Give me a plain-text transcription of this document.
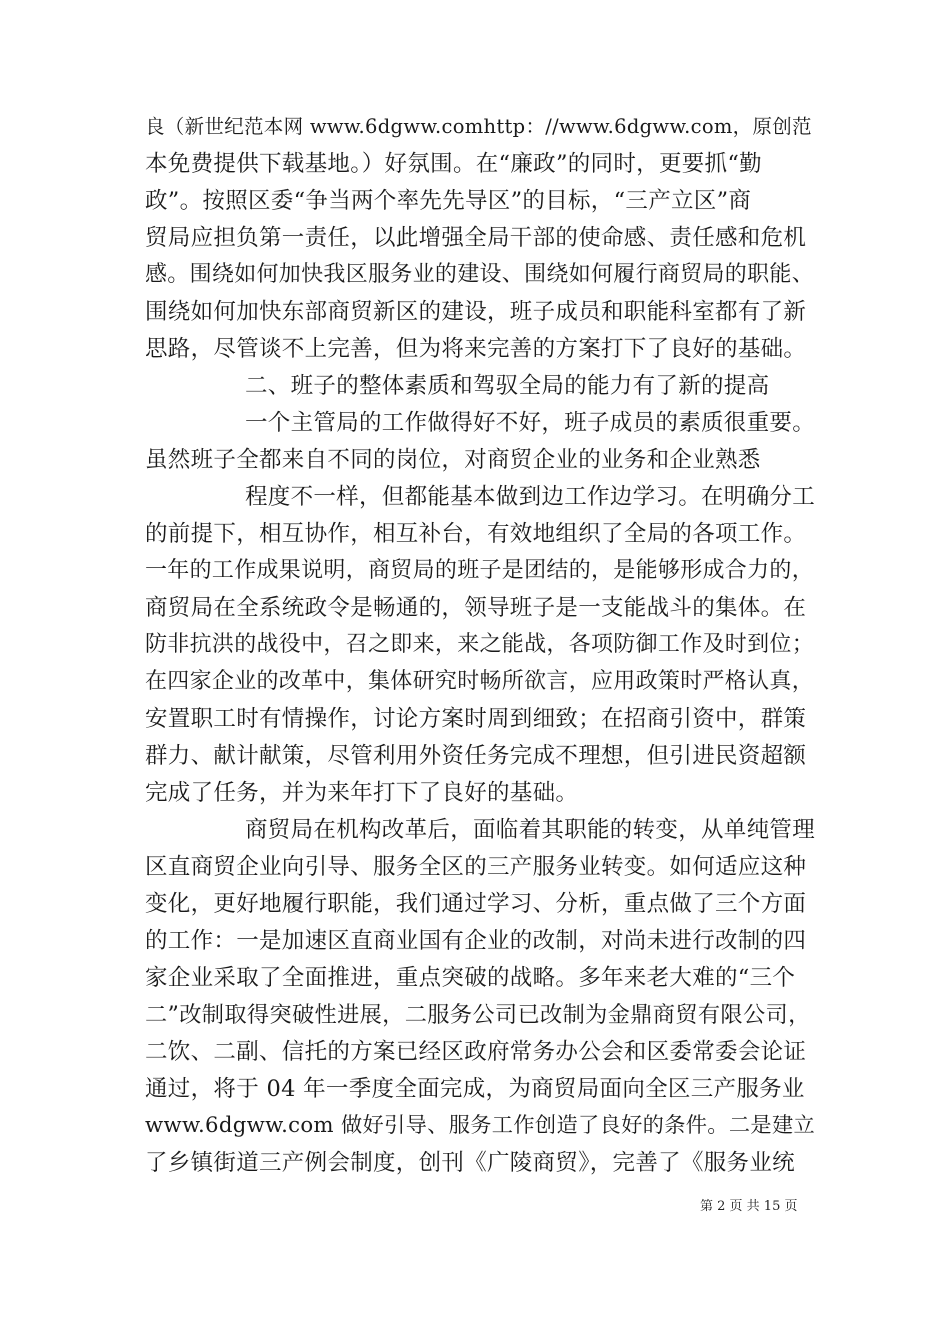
良（新世纪范本网 www.6dgww.comhttp：//www.6dgww.com，原创范
本免费提供下载基地。）好氛围。在“廉政”的同时，更要抓“勤
政”。按照区委“争当两个率先先导区”的目标，“三产立区”商
贸局应担负第一责任，以此增强全局干部的使命感、责任感和危机
感。围绕如何加快我区服务业的建设、围绕如何履行商贸局的职能、
围绕如何加快东部商贸新区的建设，班子成员和职能科室都有了新
思路，尽管谈不上完善，但为将来完善的方案打下了良好的基础。
二、班子的整体素质和驾驭全局的能力有了新的提高
一个主管局的工作做得好不好，班子成员的素质很重要。
虽然班子全都来自不同的岗位，对商贸企业的业务和企业熟悉
程度不一样，但都能基本做到边工作边学习。在明确分工
的前提下，相互协作，相互补台，有效地组织了全局的各项工作。
一年的工作成果说明，商贸局的班子是团结的，是能够形成合力的，
商贸局在全系统政令是畅通的，领导班子是一支能战斗的集体。在
防非抗洪的战役中，召之即来，来之能战，各项防御工作及时到位；
在四家企业的改革中，集体研究时畅所欲言，应用政策时严格认真，
安置职工时有情操作，讨论方案时周到细致；在招商引资中，群策
群力、献计献策，尽管利用外资任务完成不理想，但引进民资超额
完成了任务，并为来年打下了良好的基础。
商贸局在机构改革后，面临着其职能的转变，从单纯管理
区直商贸企业向引导、服务全区的三产服务业转变。如何适应这种
变化，更好地履行职能，我们通过学习、分析，重点做了三个方面
的工作：一是加速区直商业国有企业的改制，对尚未进行改制的四
家企业采取了全面推进，重点突破的战略。多年来老大难的“三个
二”改制取得突破性进展，二服务公司已改制为金鼎商贸有限公司，
二饮、二副、信托的方案已经区政府常务办公会和区委常委会论证
通过，将于 04 年一季度全面完成，为商贸局面向全区三产服务业
www.6dgww.com 做好引导、服务工作创造了良好的条件。二是建立
了乡镇街道三产例会制度，创刊《广陵商贸》，完善了《服务业统
第 2 页 共 15 页
